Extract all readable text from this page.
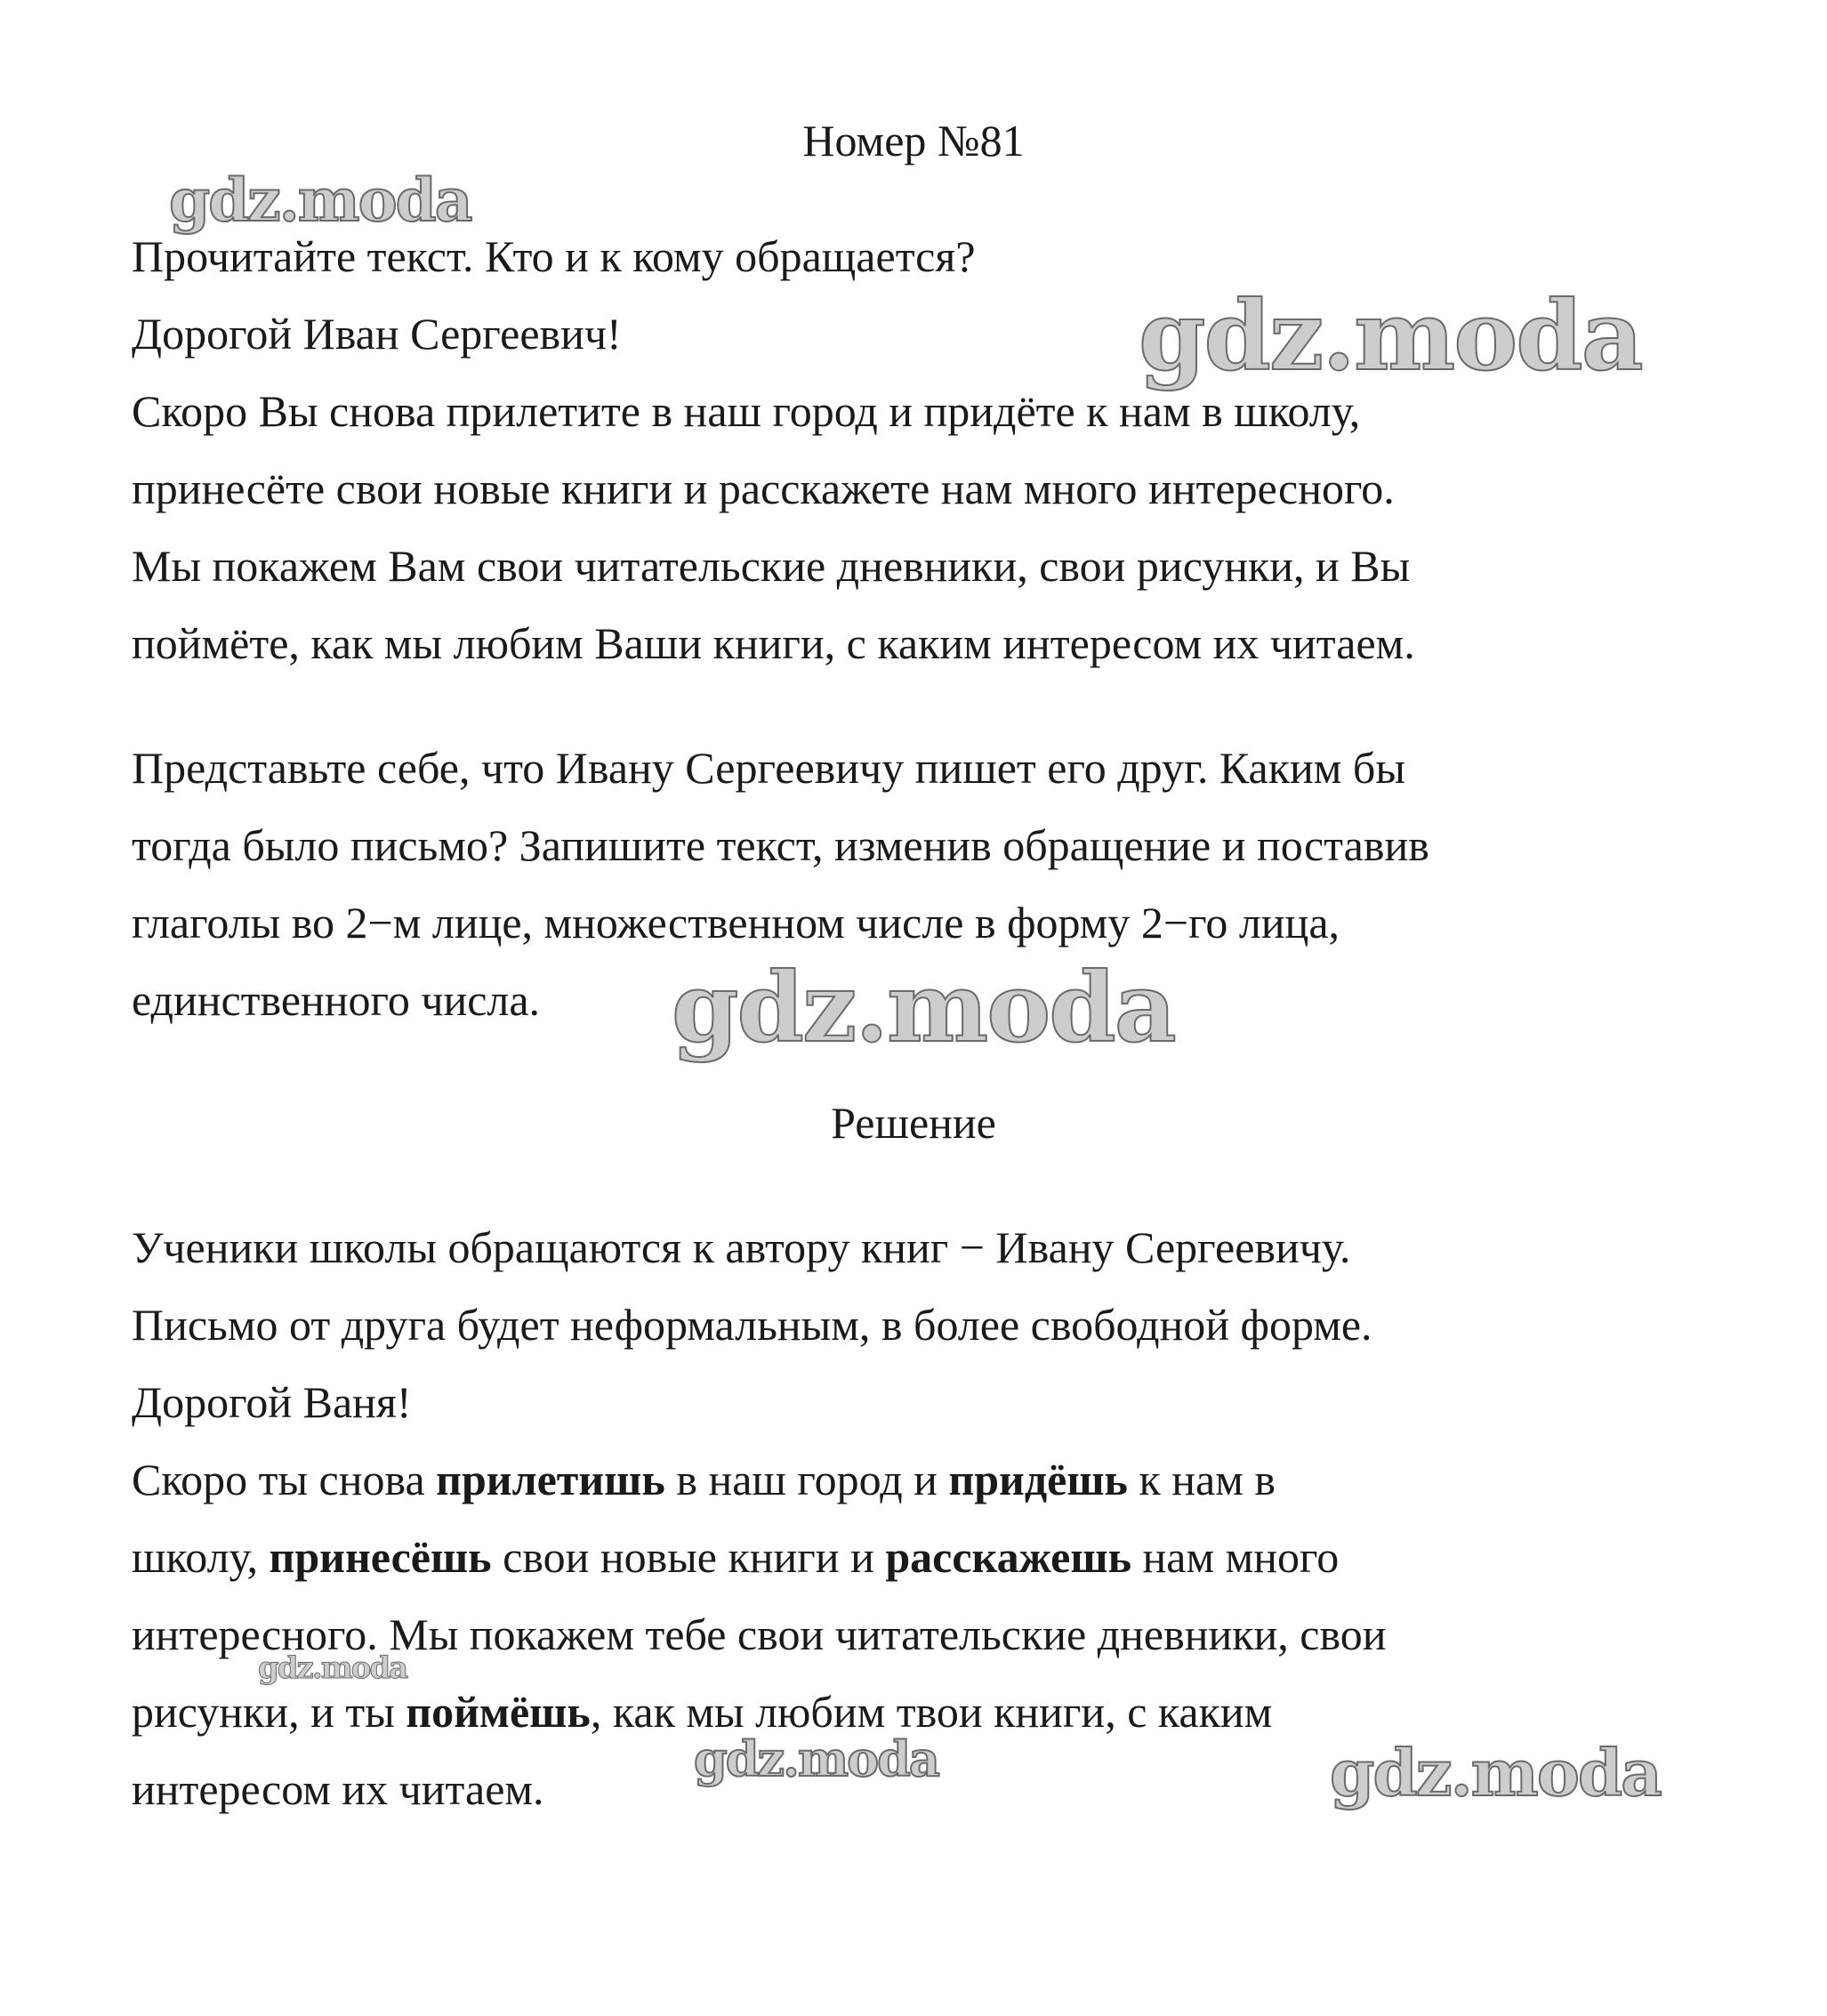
Номер №81
Прочитайте текст. Кто и к кому обращается?
Дорогой Иван Сергеевич!
Скоро Вы снова прилетите в наш город и придёте к нам в школу,
принесёте свои новые книги и расскажете нам много интересного.
Мы покажем Вам свои читательские дневники, свои рисунки, и Вы
поймёте, как мы любим Ваши книги, с каким интересом их читаем.
Представьте себе, что Ивану Сергеевичу пишет его друг. Каким бы
тогда было письмо? Запишите текст, изменив обращение и поставив
глаголы во 2−м лице, множественном числе в форму 2−го лица,
единственного числа.
Решение
Ученики школы обращаются к автору книг − Ивану Сергеевичу.
Письмо от друга будет неформальным, в более свободной форме.
Дорогой Ваня!
Скоро ты снова прилетишь в наш город и придёшь к нам в
школу, принесёшь свои новые книги и расскажешь нам много
интересного. Мы покажем тебе свои читательские дневники, свои
рисунки, и ты поймёшь, как мы любим твои книги, с каким
интересом их читаем.
gdz.moda
gdz.moda
gdz.moda
gdz.moda
gdz.moda	gdz.moda
